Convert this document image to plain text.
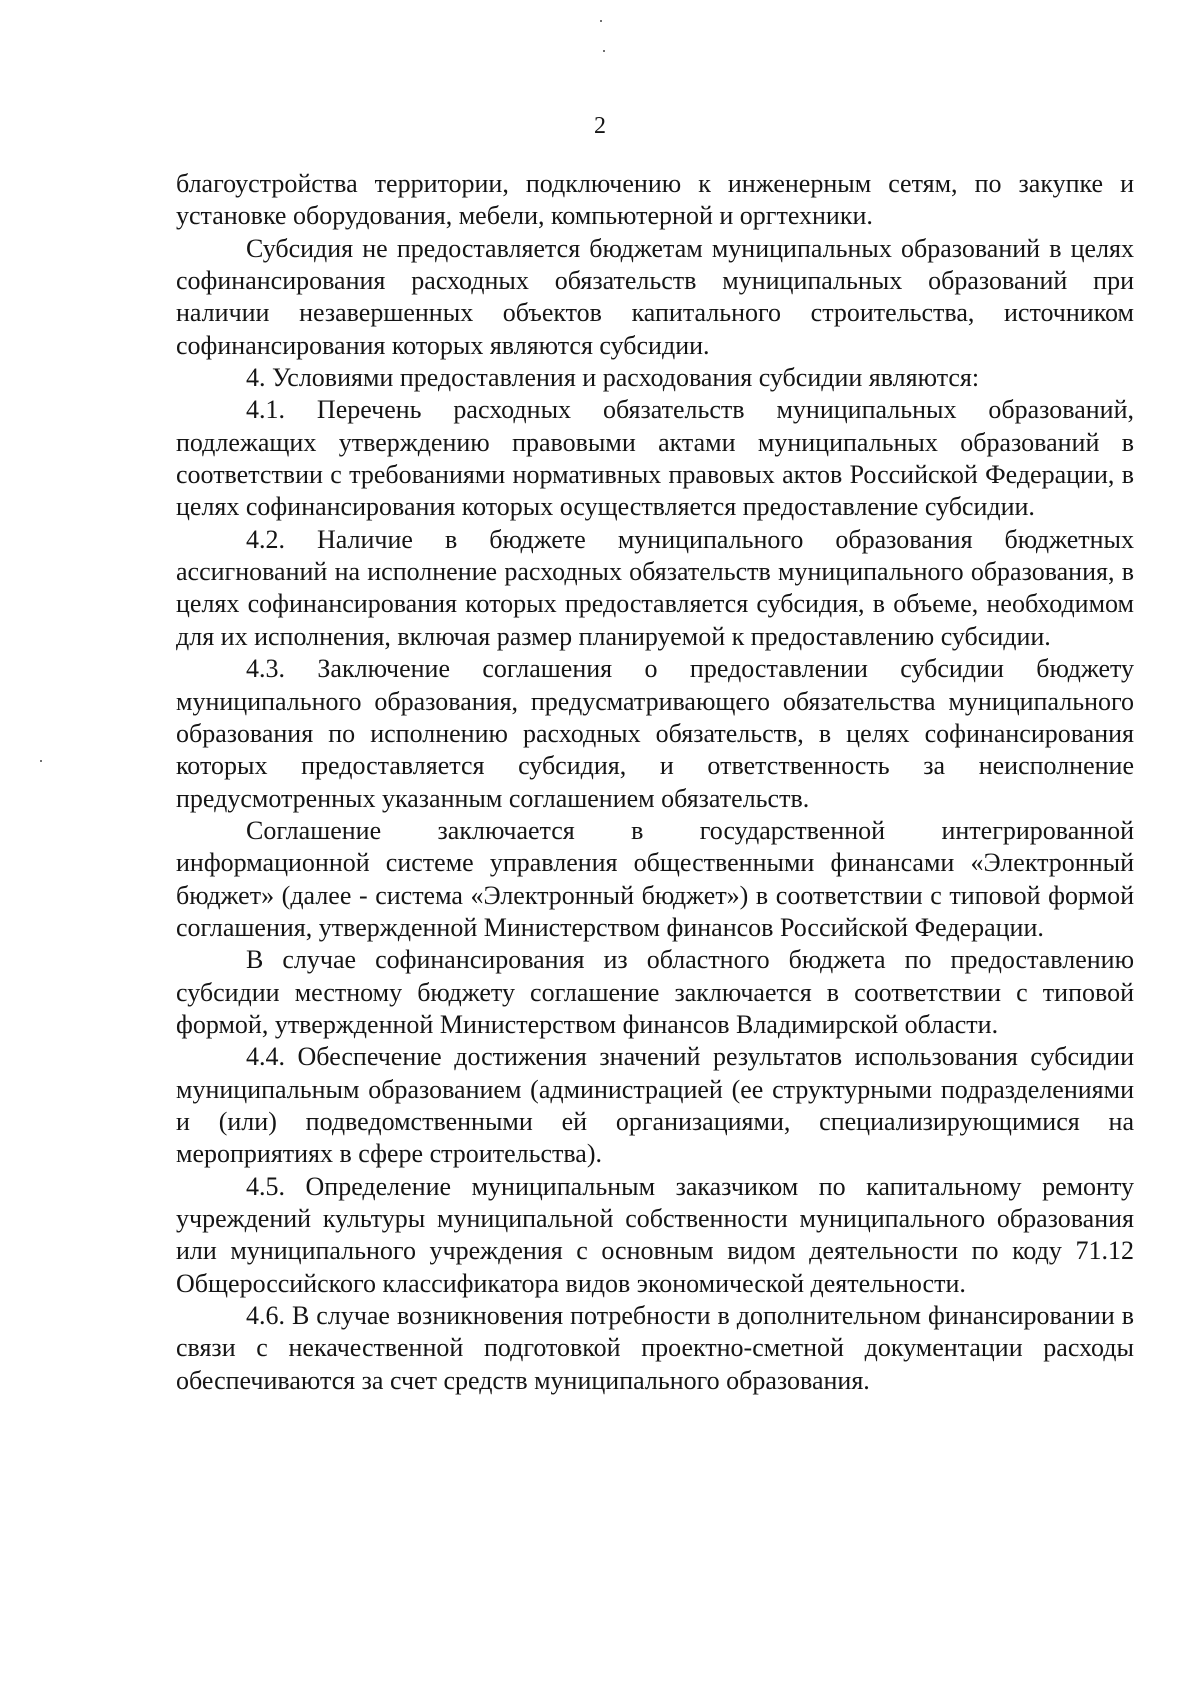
2

благоустройства территории, подключению к инженерным сетям, по закупке и установке оборудования, мебели, компьютерной и оргтехники.

Субсидия не предоставляется бюджетам муниципальных образований в целях софинансирования расходных обязательств муниципальных образований при наличии незавершенных объектов капитального строительства, источником софинансирования которых являются субсидии.

4. Условиями предоставления и расходования субсидии являются:

4.1. Перечень расходных обязательств муниципальных образований, подлежащих утверждению правовыми актами муниципальных образований в соответствии с требованиями нормативных правовых актов Российской Федерации, в целях софинансирования которых осуществляется предоставление субсидии.

4.2. Наличие в бюджете муниципального образования бюджетных ассигнований на исполнение расходных обязательств муниципального образования, в целях софинансирования которых предоставляется субсидия, в объеме, необходимом для их исполнения, включая размер планируемой к предоставлению субсидии.

4.3. Заключение соглашения о предоставлении субсидии бюджету муниципального образования, предусматривающего обязательства муниципального образования по исполнению расходных обязательств, в целях софинансирования которых предоставляется субсидия, и ответственность за неисполнение предусмотренных указанным соглашением обязательств.

Соглашение заключается в государственной интегрированной информационной системе управления общественными финансами «Электронный бюджет» (далее - система «Электронный бюджет») в соответствии с типовой формой соглашения, утвержденной Министерством финансов Российской Федерации.

В случае софинансирования из областного бюджета по предоставлению субсидии местному бюджету соглашение заключается в соответствии с типовой формой, утвержденной Министерством финансов Владимирской области.

4.4. Обеспечение достижения значений результатов использования субсидии муниципальным образованием (администрацией (ее структурными подразделениями и (или) подведомственными ей организациями, специализирующимися на мероприятиях в сфере строительства).

4.5. Определение муниципальным заказчиком по капитальному ремонту учреждений культуры муниципальной собственности муниципального образования или муниципального учреждения с основным видом деятельности по коду 71.12 Общероссийского классификатора видов экономической деятельности.

4.6. В случае возникновения потребности в дополнительном финансировании в связи с некачественной подготовкой проектно-сметной документации расходы обеспечиваются за счет средств муниципального образования.
